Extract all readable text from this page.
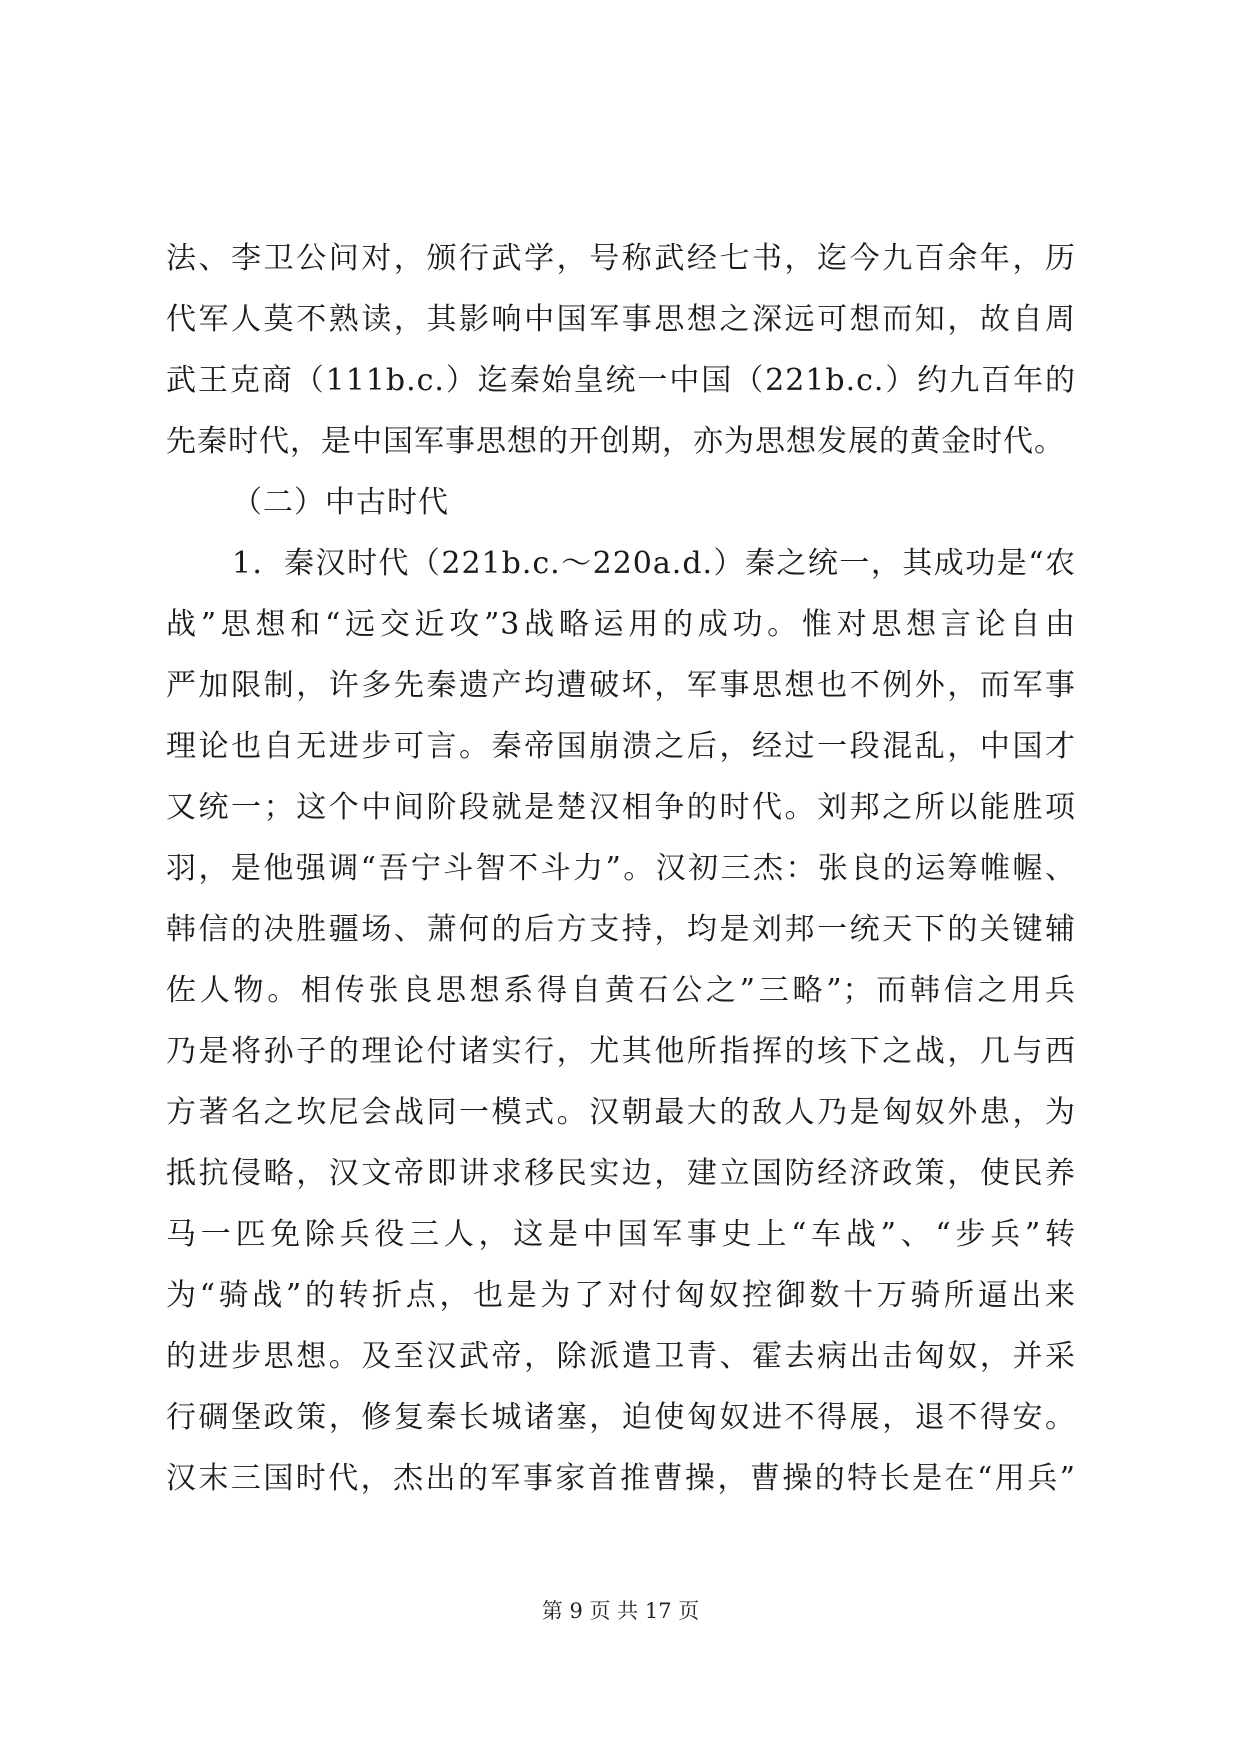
法、李卫公问对，颁行武学，号称武经七书，迄今九百余年，历
代军人莫不熟读，其影响中国军事思想之深远可想而知，故自周
武王克商（111b.c.）迄秦始皇统一中国（221b.c.）约九百年的
先秦时代，是中国军事思想的开创期，亦为思想发展的黄金时代。
（二）中古时代
1．秦汉时代（221b.c.～220a.d.）秦之统一，其成功是“农
战”思想和“远交近攻”3战略运用的成功。惟对思想言论自由
严加限制，许多先秦遗产均遭破坏，军事思想也不例外，而军事
理论也自无进步可言。秦帝国崩溃之后，经过一段混乱，中国才
又统一；这个中间阶段就是楚汉相争的时代。刘邦之所以能胜项
羽，是他强调“吾宁斗智不斗力”。汉初三杰：张良的运筹帷幄、
韩信的决胜疆场、萧何的后方支持，均是刘邦一统天下的关键辅
佐人物。相传张良思想系得自黄石公之”三略”；而韩信之用兵
乃是将孙子的理论付诸实行，尤其他所指挥的垓下之战，几与西
方著名之坎尼会战同一模式。汉朝最大的敌人乃是匈奴外患，为
抵抗侵略，汉文帝即讲求移民实边，建立国防经济政策，使民养
马一匹免除兵役三人，这是中国军事史上“车战”、“步兵”转
为“骑战”的转折点，也是为了对付匈奴控御数十万骑所逼出来
的进步思想。及至汉武帝，除派遣卫青、霍去病出击匈奴，并采
行碉堡政策，修复秦长城诸塞，迫使匈奴进不得展，退不得安。
汉末三国时代，杰出的军事家首推曹操，曹操的特长是在“用兵”
第 9 页 共 17 页
